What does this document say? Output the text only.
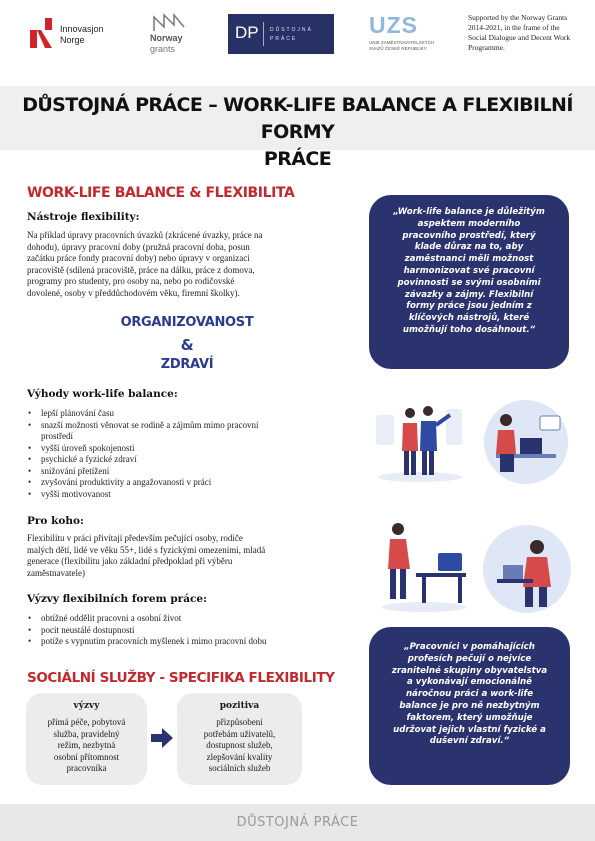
Innovasjon
Norge	Norway
grants
DP DŮSTOJNÁ
PRÁCE
UZS
UNIE ZAMĚSTNAVATELSKÝCH
SVAZŮ ČESKÉ REPUBLIKY
Supported by the Norway Grants 2014-2021, in the frame of the Social Dialogue and Decent Work Programme.
DŮSTOJNÁ PRÁCE – WORK-LIFE BALANCE A FLEXIBILNÍ FORMY
PRÁCE
WORK-LIFE BALANCE & FLEXIBILITA
Nástroje flexibility:
Na příklad úpravy pracovních úvazků (zkrácené úvazky, práce na
dohodu), úpravy pracovní doby (pružná pracovní doba, posun
začátku práce fondy pracovní doby) nebo úpravy v organizaci
pracoviště (sdílená pracoviště, práce na dálku, práce z domova,
programy pro studenty, pro osoby na, nebo po rodičovské
dovolené, osoby v předdůchodovém věku, firemní školky).
ORGANIZOVANOST
&
ZDRAVÍ
Výhody work-life balance:
• lepší plánování času
• snazší možnosti věnovat se rodině a zájmům mimo pracovní
prostředí
• vyšší úroveň spokojenosti
• psychické a fyzické zdraví
• snižování přetížení
• zvyšování produktivity a angažovanosti v práci
• vyšší motivovanost
Pro koho:
Flexibilitu v práci přivítají především pečující osoby, rodiče
malých dětí, lidé ve věku 55+, lidé s fyzickými omezeními, mladá
generace (flexibilitu jako základní předpoklad při výběru
zaměstnavatele)
Výzvy flexibilních forem práce:
• obtížné oddělit pracovní a osobní život
• pocit neustálé dostupnosti
• potíže s vypnutím pracovních myšlenek i mimo pracovní dobu
SOCIÁLNÍ SLUŽBY - SPECIFIKA FLEXIBILITY
výzvy
přímá péče, pobytová
služba, pravidelný
režim, nezbytná
osobní přítomnost
pracovníka
pozitiva
přizpůsobení
potřebám uživatelů,
dostupnost služeb,
zlepšování kvality
sociálních služeb
„Work-life balance je důležitým
aspektem moderního
pracovního prostředí, který
klade důraz na to, aby
zaměstnanci měli možnost
harmonizovat své pracovní
povinnosti se svými osobními
závazky a zájmy. Flexibilní
formy práce jsou jedním z
klíčových nástrojů, které
umožňují toho dosáhnout.“
„Pracovníci v pomáhajících
profesích pečují o nejvíce
zranitelné skupiny obyvatelstva
a vykonávají emocionálně
náročnou práci a work-life
balance je pro ně nezbytným
faktorem, který umožňuje
udržovat jejich vlastní fyzické a
duševní zdraví.“
DŮSTOJNÁ PRÁCE
